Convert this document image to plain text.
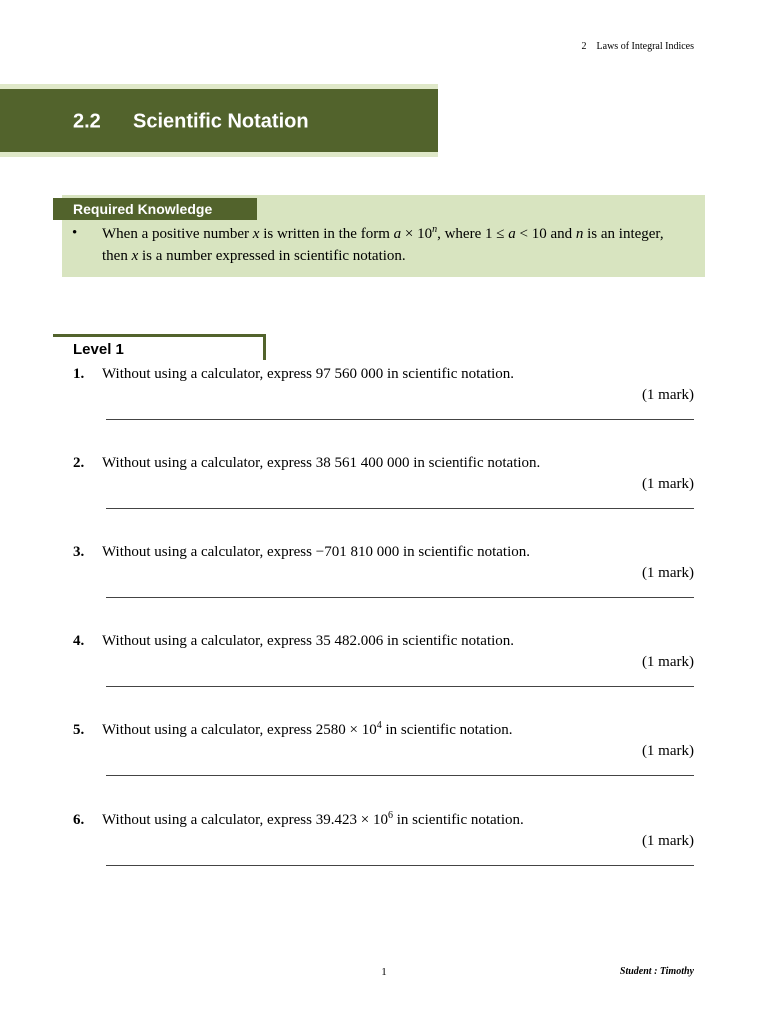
2 Laws of Integral Indices
2.2 Scientific Notation
Required Knowledge
• When a positive number x is written in the form $a \times 10^n$, where 1 ≤ a < 10 and n is an integer, then x is a number expressed in scientific notation.
Level 1
1. Without using a calculator, express 97 560 000 in scientific notation.
(1 mark)
2. Without using a calculator, express 38 561 400 000 in scientific notation.
(1 mark)
3. Without using a calculator, express −701 810 000 in scientific notation.
(1 mark)
4. Without using a calculator, express 35 482.006 in scientific notation.
(1 mark)
5. Without using a calculator, express $2580 \times 10^4$ in scientific notation.
(1 mark)
6. Without using a calculator, express $39.423 \times 10^6$ in scientific notation.
(1 mark)
1	Student : Timothy
